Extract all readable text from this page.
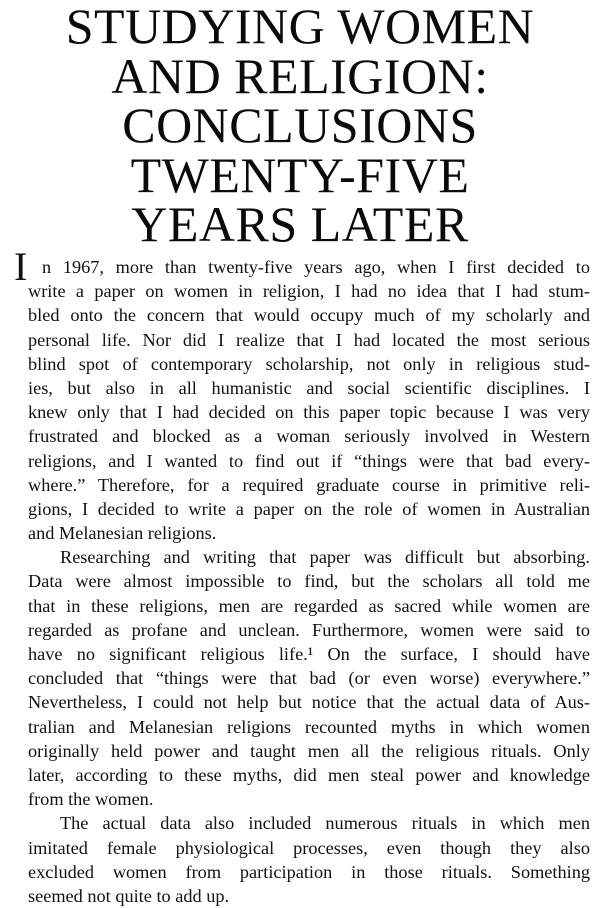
STUDYING WOMEN
AND RELIGION:
CONCLUSIONS
TWENTY-FIVE
YEARS LATER
I n 1967, more than twenty-five years ago, when I first decided to
write a paper on women in religion, I had no idea that I had stum-
bled onto the concern that would occupy much of my scholarly and
personal life. Nor did I realize that I had located the most serious
blind spot of contemporary scholarship, not only in religious stud-
ies, but also in all humanistic and social scientific disciplines. I
knew only that I had decided on this paper topic because I was very
frustrated and blocked as a woman seriously involved in Western
religions, and I wanted to find out if “things were that bad every-
where.” Therefore, for a required graduate course in primitive reli-
gions, I decided to write a paper on the role of women in Australian
and Melanesian religions.
Researching and writing that paper was difficult but absorbing.
Data were almost impossible to find, but the scholars all told me
that in these religions, men are regarded as sacred while women are
regarded as profane and unclean. Furthermore, women were said to
have no significant religious life.¹ On the surface, I should have
concluded that “things were that bad (or even worse) everywhere.”
Nevertheless, I could not help but notice that the actual data of Aus-
tralian and Melanesian religions recounted myths in which women
originally held power and taught men all the religious rituals. Only
later, according to these myths, did men steal power and knowledge
from the women.
The actual data also included numerous rituals in which men
imitated female physiological processes, even though they also
excluded women from participation in those rituals. Something
seemed not quite to add up.
